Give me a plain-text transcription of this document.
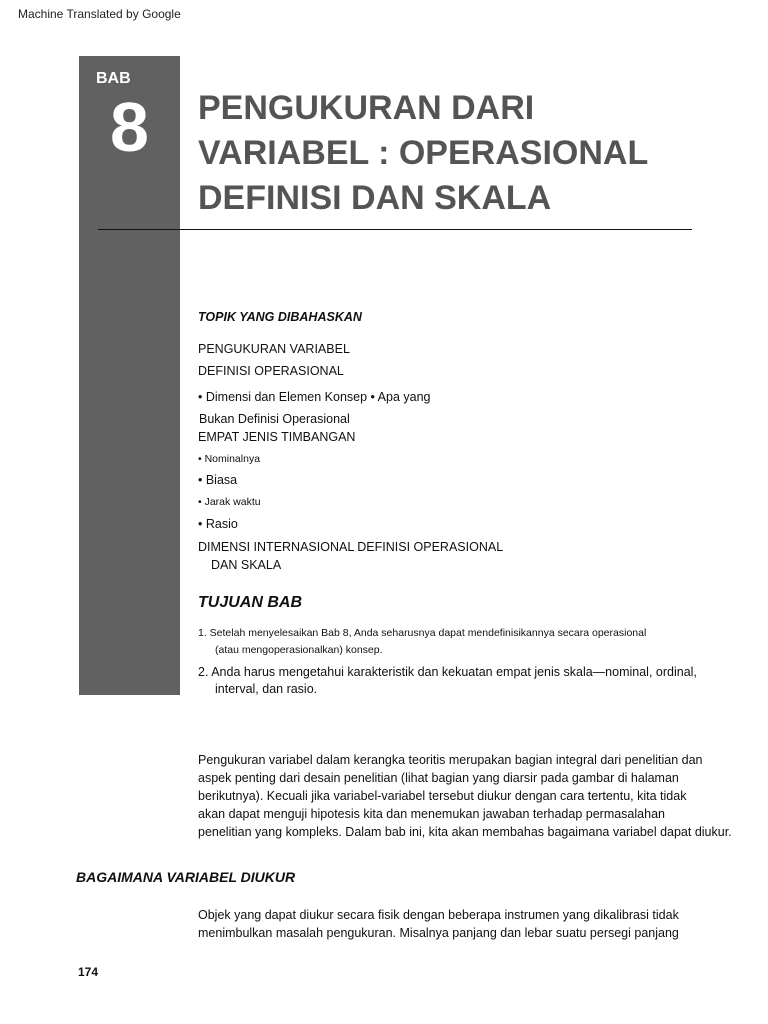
Machine Translated by Google
BAB
8	PENGUKURAN DARI
VARIABEL : OPERASIONAL
DEFINISI DAN SKALA
TOPIK YANG DIBAHASKAN
PENGUKURAN VARIABEL
DEFINISI OPERASIONAL
• Dimensi dan Elemen Konsep • Apa yang
Bukan Definisi Operasional
EMPAT JENIS TIMBANGAN
• Nominalnya
• Biasa
• Jarak waktu
• Rasio
DIMENSI INTERNASIONAL DEFINISI OPERASIONAL
DAN SKALA
TUJUAN BAB
1. Setelah menyelesaikan Bab 8, Anda seharusnya dapat mendefinisikannya secara operasional
(atau mengoperasionalkan) konsep.
2. Anda harus mengetahui karakteristik dan kekuatan empat jenis skala—nominal, ordinal,
interval, dan rasio.
Pengukuran variabel dalam kerangka teoritis merupakan bagian integral dari penelitian dan
aspek penting dari desain penelitian (lihat bagian yang diarsir pada gambar di halaman
berikutnya). Kecuali jika variabel-variabel tersebut diukur dengan cara tertentu, kita tidak
akan dapat menguji hipotesis kita dan menemukan jawaban terhadap permasalahan
penelitian yang kompleks. Dalam bab ini, kita akan membahas bagaimana variabel dapat diukur.
BAGAIMANA VARIABEL DIUKUR
Objek yang dapat diukur secara fisik dengan beberapa instrumen yang dikalibrasi tidak
menimbulkan masalah pengukuran. Misalnya panjang dan lebar suatu persegi panjang
174
